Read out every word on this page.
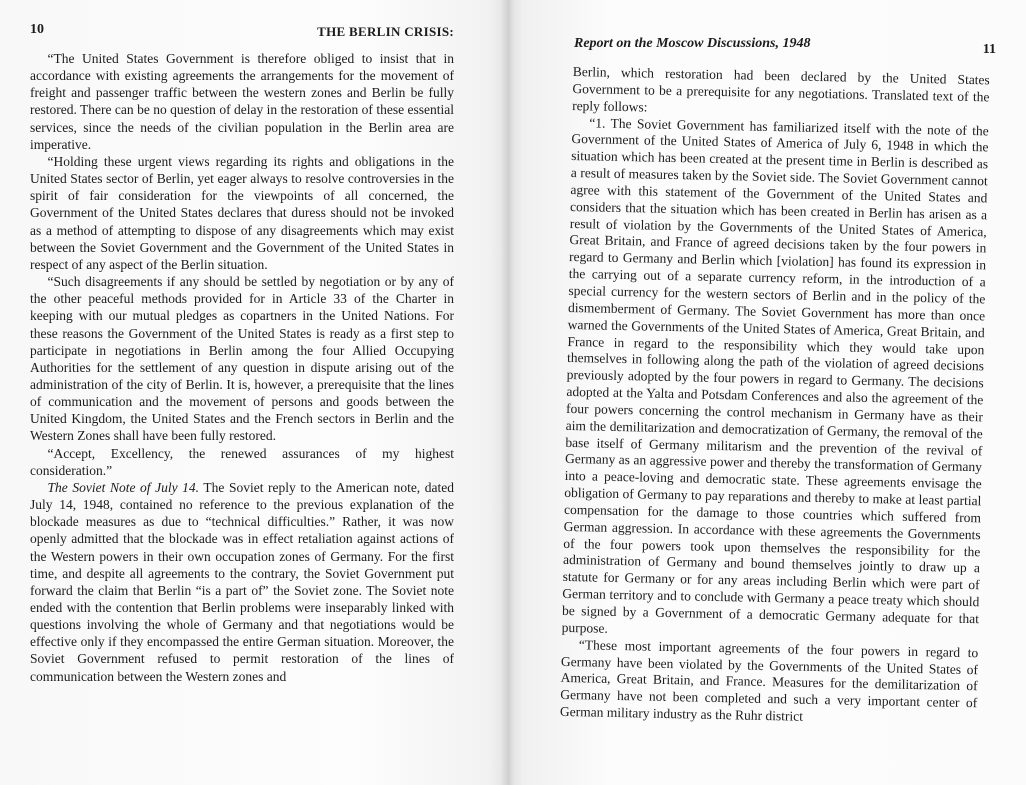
10	THE BERLIN CRISIS:

“The United States Government is therefore obliged to insist that in accordance with existing agreements the arrangements for the movement of freight and passenger traffic between the western zones and Berlin be fully restored. There can be no question of delay in the restoration of these essential services, since the needs of the civilian population in the Berlin area are imperative.

“Holding these urgent views regarding its rights and obligations in the United States sector of Berlin, yet eager always to resolve controversies in the spirit of fair consideration for the viewpoints of all concerned, the Government of the United States declares that duress should not be invoked as a method of attempting to dispose of any disagreements which may exist between the Soviet Government and the Government of the United States in respect of any aspect of the Berlin situation.

“Such disagreements if any should be settled by negotiation or by any of the other peaceful methods provided for in Article 33 of the Charter in keeping with our mutual pledges as copartners in the United Nations. For these reasons the Government of the United States is ready as a first step to participate in negotiations in Berlin among the four Allied Occupying Authorities for the settlement of any question in dispute arising out of the administration of the city of Berlin. It is, however, a prerequisite that the lines of communication and the movement of persons and goods between the United Kingdom, the United States and the French sectors in Berlin and the Western Zones shall have been fully restored.

“Accept, Excellency, the renewed assurances of my highest consideration.”

The Soviet Note of July 14. The Soviet reply to the American note, dated July 14, 1948, contained no reference to the previous explanation of the blockade measures as due to “technical difficulties.” Rather, it was now openly admitted that the blockade was in effect retaliation against actions of the Western powers in their own occupation zones of Germany. For the first time, and despite all agreements to the contrary, the Soviet Government put forward the claim that Berlin “is a part of” the Soviet zone. The Soviet note ended with the contention that Berlin problems were inseparably linked with questions involving the whole of Germany and that negotiations would be effective only if they encompassed the entire German situation. Moreover, the Soviet Government refused to permit restoration of the lines of communication between the Western zones and

Report on the Moscow Discussions, 1948	11

Berlin, which restoration had been declared by the United States Government to be a prerequisite for any negotiations. Translated text of the reply follows:

“1. The Soviet Government has familiarized itself with the note of the Government of the United States of America of July 6, 1948 in which the situation which has been created at the present time in Berlin is described as a result of measures taken by the Soviet side. The Soviet Government cannot agree with this statement of the Government of the United States and considers that the situation which has been created in Berlin has arisen as a result of violation by the Governments of the United States of America, Great Britain, and France of agreed decisions taken by the four powers in regard to Germany and Berlin which [violation] has found its expression in the carrying out of a separate currency reform, in the introduction of a special currency for the western sectors of Berlin and in the policy of the dismemberment of Germany. The Soviet Government has more than once warned the Governments of the United States of America, Great Britain, and France in regard to the responsibility which they would take upon themselves in following along the path of the violation of agreed decisions previously adopted by the four powers in regard to Germany. The decisions adopted at the Yalta and Potsdam Conferences and also the agreement of the four powers concerning the control mechanism in Germany have as their aim the demilitarization and democratization of Germany, the removal of the base itself of Germany militarism and the prevention of the revival of Germany as an aggressive power and thereby the transformation of Germany into a peace-loving and democratic state. These agreements envisage the obligation of Germany to pay reparations and thereby to make at least partial compensation for the damage to those countries which suffered from German aggression. In accordance with these agreements the Governments of the four powers took upon themselves the responsibility for the administration of Germany and bound themselves jointly to draw up a statute for Germany or for any areas including Berlin which were part of German territory and to conclude with Germany a peace treaty which should be signed by a Government of a democratic Germany adequate for that purpose.

“These most important agreements of the four powers in regard to Germany have been violated by the Governments of the United States of America, Great Britain, and France. Measures for the demilitarization of Germany have not been completed and such a very important center of German military industry as the Ruhr district
